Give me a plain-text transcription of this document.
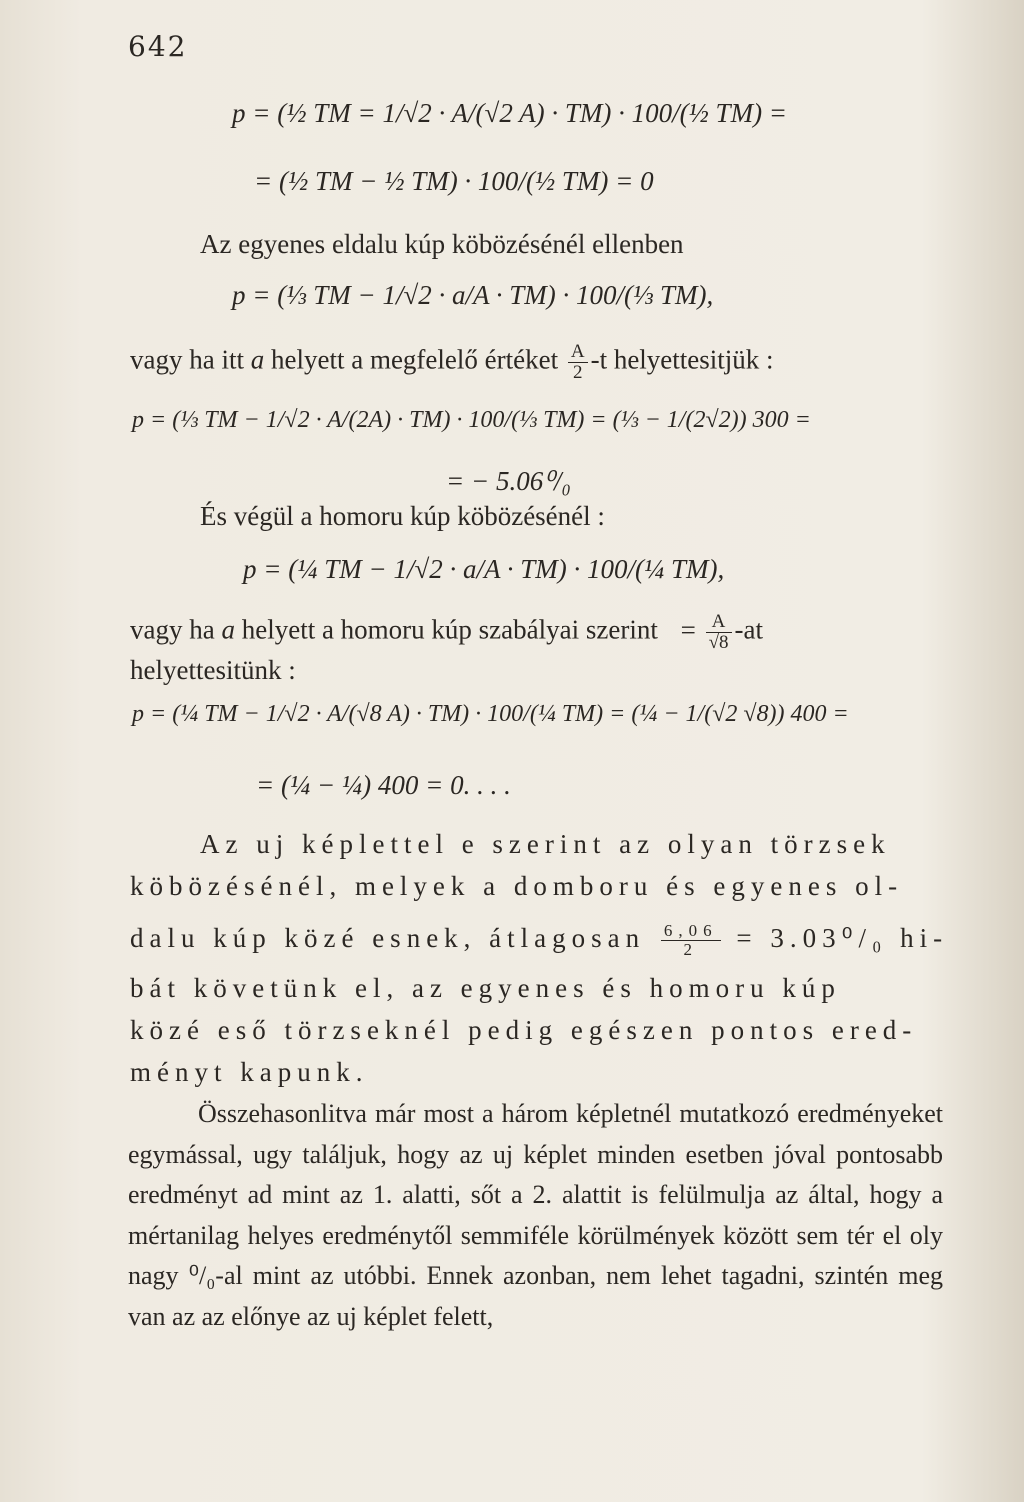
642
p = (½ TM = 1/√2 · A/(√2 A) · TM) · 100/(½ TM) =
= (½ TM − ½ TM) · 100/(½ TM) = 0
Az egyenes eldalu kúp köbözésénél ellenben
p = (⅓ TM − 1/√2 · a/A · TM) · 100/(⅓ TM),
vagy ha itt a helyett a megfelelő értéket $\frac{A}{2} -t$ helyettesitjük :
p = (⅓ TM − 1/√2 · A/(2A) · TM) · 100/(⅓ TM) = (⅓ − 1/(2√2)) 300 =
= − 5.06⁰/₀
És végül a homoru kúp köbözésénél :
p = (¼ TM − 1/√2 · a/A · TM) · 100/(¼ TM),
vagy ha a helyett a homoru kúp szabályai szerint = $\frac{A}{√8} -at$
helyettesitünk :
p = (¼ TM − 1/√2 · A/(√8 A) · TM) · 100/(¼ TM) = (¼ − 1/(√2 √8)) 400 =
= (¼ − ¼) 400 = 0. . . .
Az uj képlettel e szerint az olyan törzsek
köbözésénél, melyek a domboru és egyenes ol-
dalu kúp közé esnek, átlagosan $\frac{6,06}{2} = 3.03^0/_0$ hi-
bát követünk el, az egyenes és homoru kúp
közé eső törzseknél pedig egészen pontos ered-
ményt kapunk.
Összehasonlitva már most a három képletnél mutatkozó eredményeket egymással, ugy találjuk, hogy az uj képlet minden esetben jóval pontosabb eredményt ad mint az 1. alatti, sőt a 2. alattit is felülmulja az által, hogy a mértanilag helyes eredménytől semmiféle körülmények között sem tér el oly nagy ⁰/₀-al mint az utóbbi. Ennek azonban, nem lehet tagadni, szintén meg van az az előnye az uj képlet felett,
